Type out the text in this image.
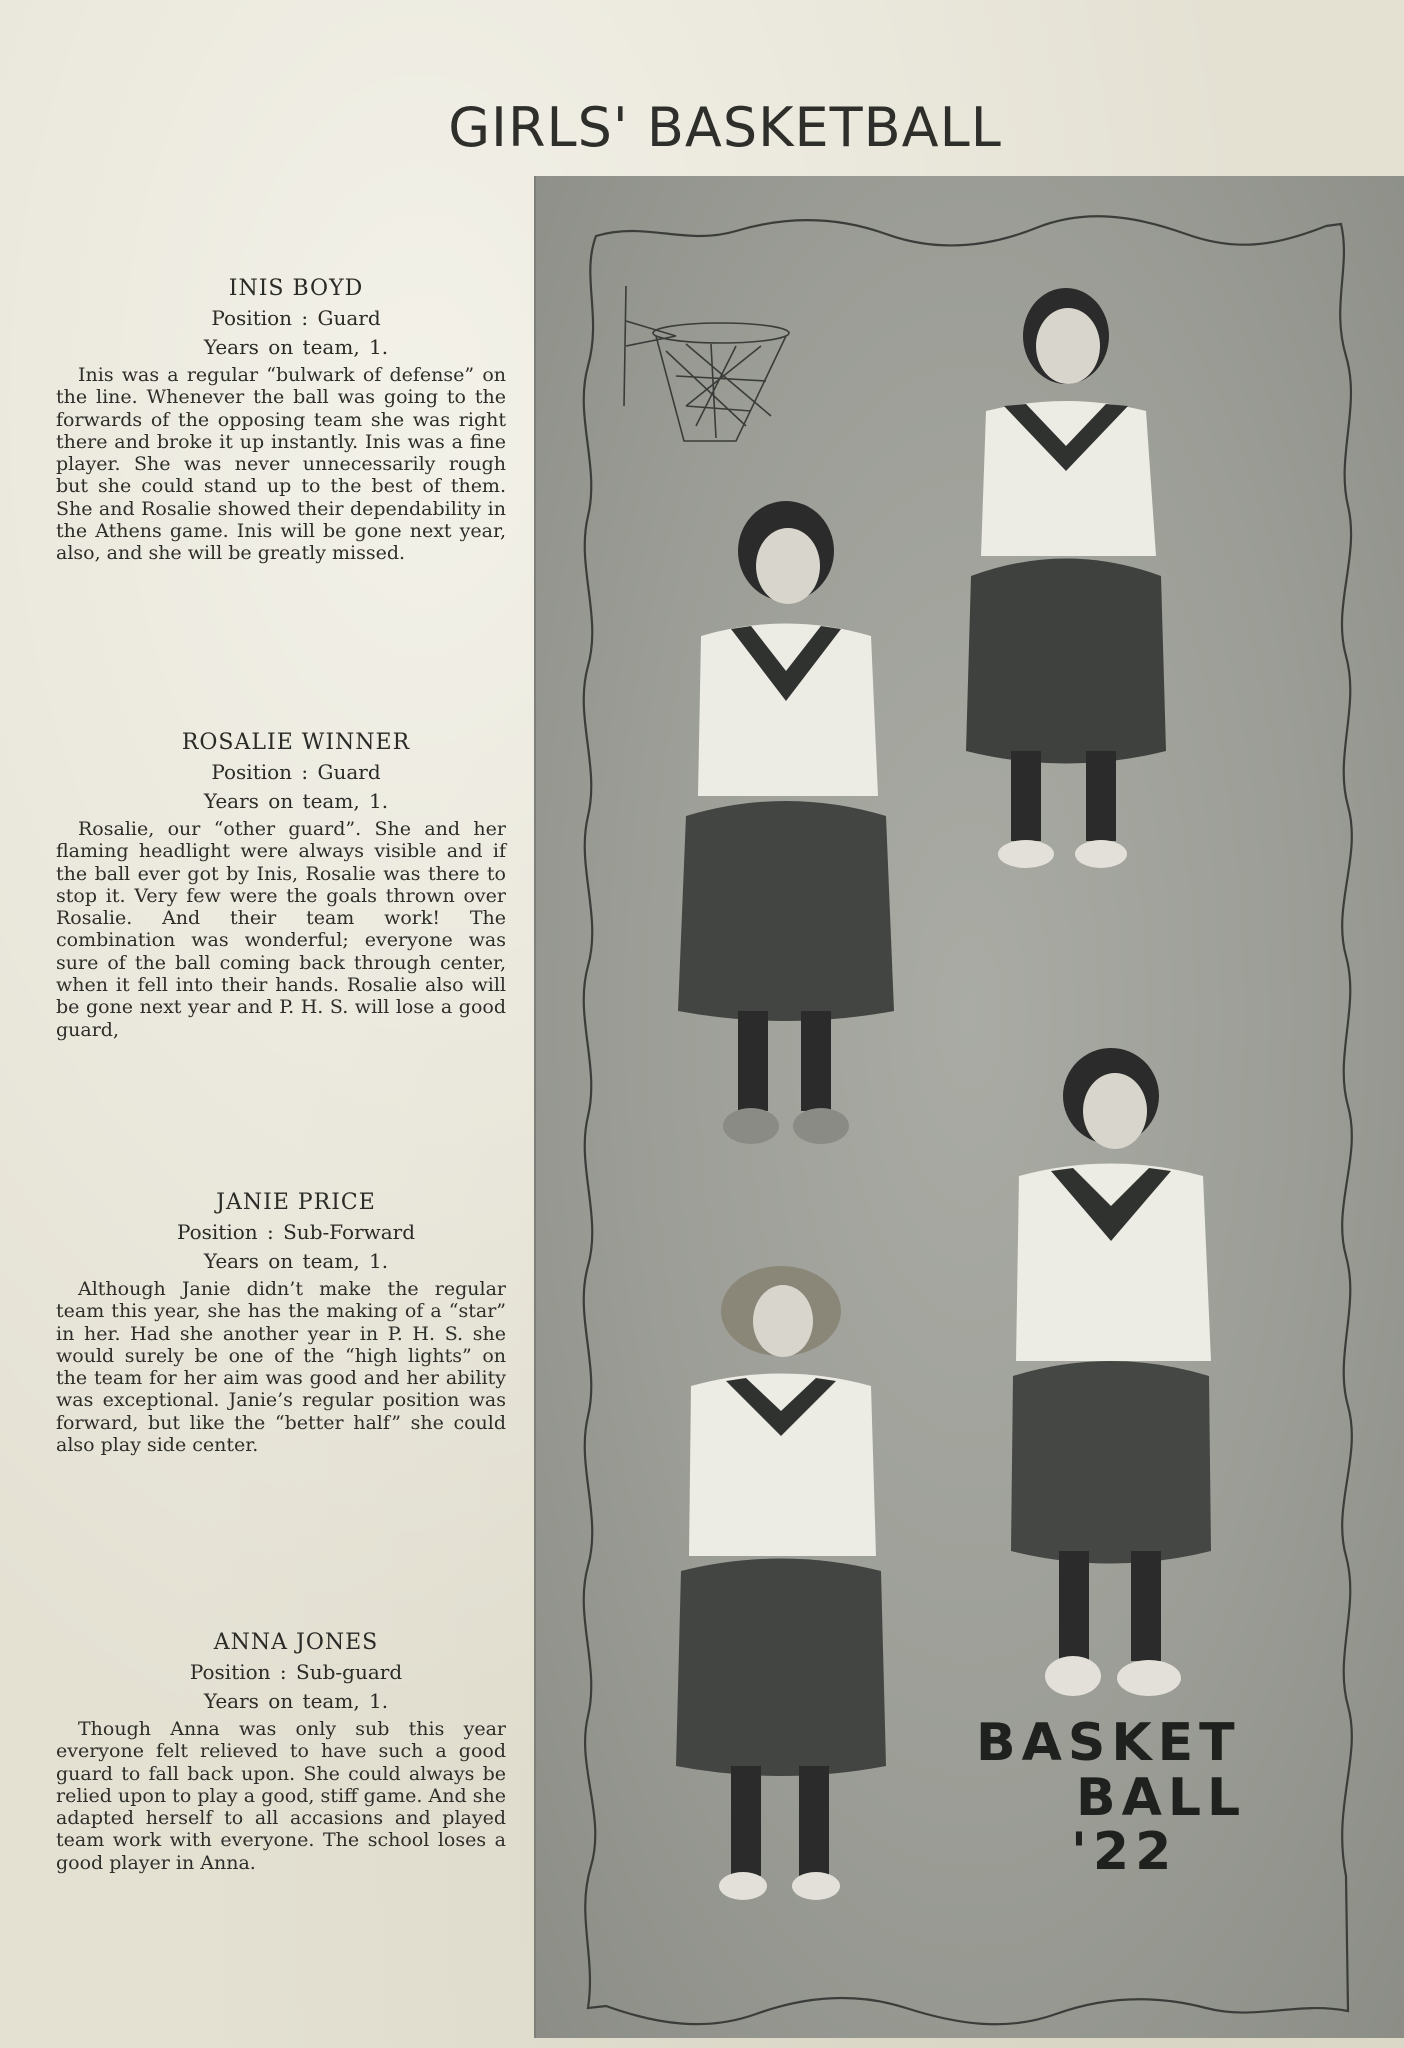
GIRLS' BASKETBALL

INIS BOYD

Position : Guard

Years on team, 1.

Inis was a regular “bulwark of defense” on the line. Whenever the ball was going to the forwards of the opposing team she was right there and broke it up instantly. Inis was a fine player. She was never unnecessarily rough but she could stand up to the best of them. She and Rosalie showed their dependability in the Athens game. Inis will be gone next year, also, and she will be greatly missed.

ROSALIE WINNER

Position : Guard

Years on team, 1.

Rosalie, our “other guard”. She and her flaming headlight were always visible and if the ball ever got by Inis, Rosalie was there to stop it. Very few were the goals thrown over Rosalie. And their team work! The combination was wonderful; everyone was sure of the ball coming back through center, when it fell into their hands. Rosalie also will be gone next year and P. H. S. will lose a good guard,

JANIE PRICE

Position : Sub-Forward

Years on team, 1.

Although Janie didn’t make the regular team this year, she has the making of a “star” in her. Had she another year in P. H. S. she would surely be one of the “high lights” on the team for her aim was good and her ability was exceptional. Janie’s regular position was forward, but like the “better half” she could also play side center.

ANNA JONES

Position : Sub-guard

Years on team, 1.

Though Anna was only sub this year everyone felt relieved to have such a good guard to fall back upon. She could always be relied upon to play a good, stiff game. And she adapted herself to all accasions and played team work with everyone. The school loses a good player in Anna.

BASKET
BALL
'22
